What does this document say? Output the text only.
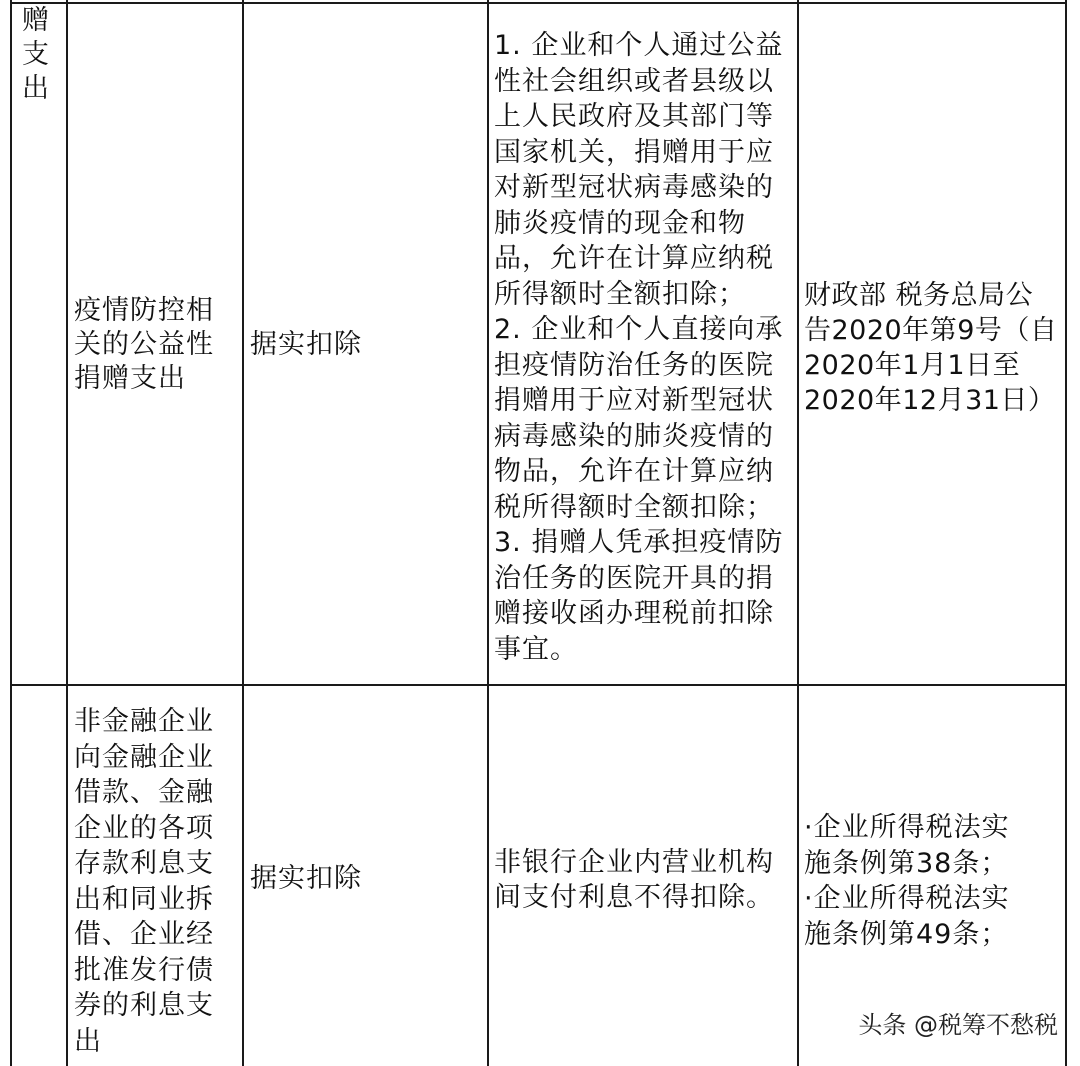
赠
支
出
疫情防控相
关的公益性
捐赠支出
据实扣除
1. 企业和个人通过公益
性社会组织或者县级以
上人民政府及其部门等
国家机关，捐赠用于应
对新型冠状病毒感染的
肺炎疫情的现金和物
品，允许在计算应纳税
所得额时全额扣除；
2. 企业和个人直接向承
担疫情防治任务的医院
捐赠用于应对新型冠状
病毒感染的肺炎疫情的
物品，允许在计算应纳
税所得额时全额扣除；
3. 捐赠人凭承担疫情防
治任务的医院开具的捐
赠接收函办理税前扣除
事宜。
财政部 税务总局公
告2020年第9号（自
2020年1月1日至
2020年12月31日）
非金融企业
向金融企业
借款、金融
企业的各项
存款利息支
出和同业拆
借、企业经
批准发行债
券的利息支
出
据实扣除
非银行企业内营业机构
间支付利息不得扣除。
·企业所得税法实
施条例第38条；
·企业所得税法实
施条例第49条；
头条 @税筹不愁税
